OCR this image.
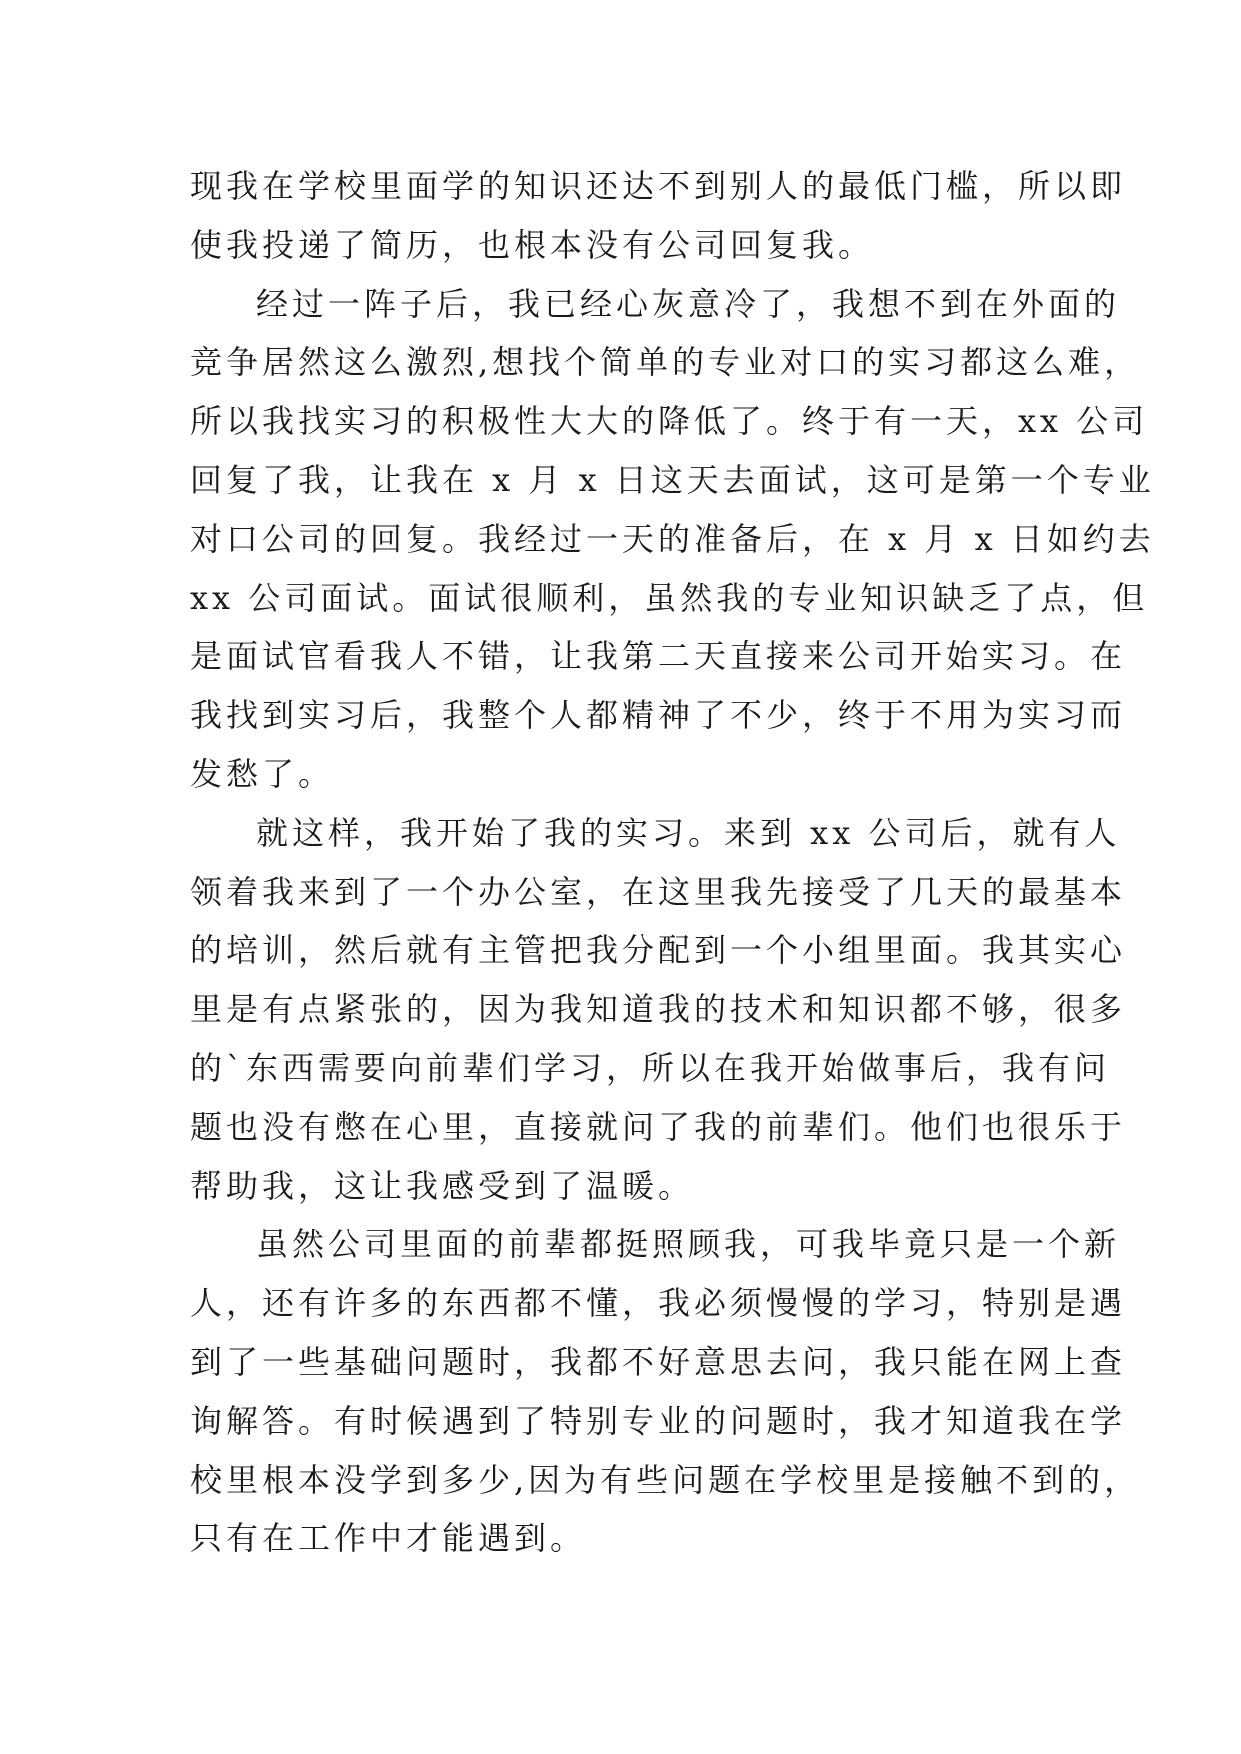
现我在学校里面学的知识还达不到别人的最低门槛，所以即
使我投递了简历，也根本没有公司回复我。
经过一阵子后，我已经心灰意冷了，我想不到在外面的
竞争居然这么激烈,想找个简单的专业对口的实习都这么难，
所以我找实习的积极性大大的降低了。终于有一天，xx 公司
回复了我，让我在 x 月 x 日这天去面试，这可是第一个专业
对口公司的回复。我经过一天的准备后，在 x 月 x 日如约去
xx 公司面试。面试很顺利，虽然我的专业知识缺乏了点，但
是面试官看我人不错，让我第二天直接来公司开始实习。在
我找到实习后，我整个人都精神了不少，终于不用为实习而
发愁了。
就这样，我开始了我的实习。来到 xx 公司后，就有人
领着我来到了一个办公室，在这里我先接受了几天的最基本
的培训，然后就有主管把我分配到一个小组里面。我其实心
里是有点紧张的，因为我知道我的技术和知识都不够，很多
的`东西需要向前辈们学习，所以在我开始做事后，我有问
题也没有憋在心里，直接就问了我的前辈们。他们也很乐于
帮助我，这让我感受到了温暖。
虽然公司里面的前辈都挺照顾我，可我毕竟只是一个新
人，还有许多的东西都不懂，我必须慢慢的学习，特别是遇
到了一些基础问题时，我都不好意思去问，我只能在网上查
询解答。有时候遇到了特别专业的问题时，我才知道我在学
校里根本没学到多少,因为有些问题在学校里是接触不到的，
只有在工作中才能遇到。
